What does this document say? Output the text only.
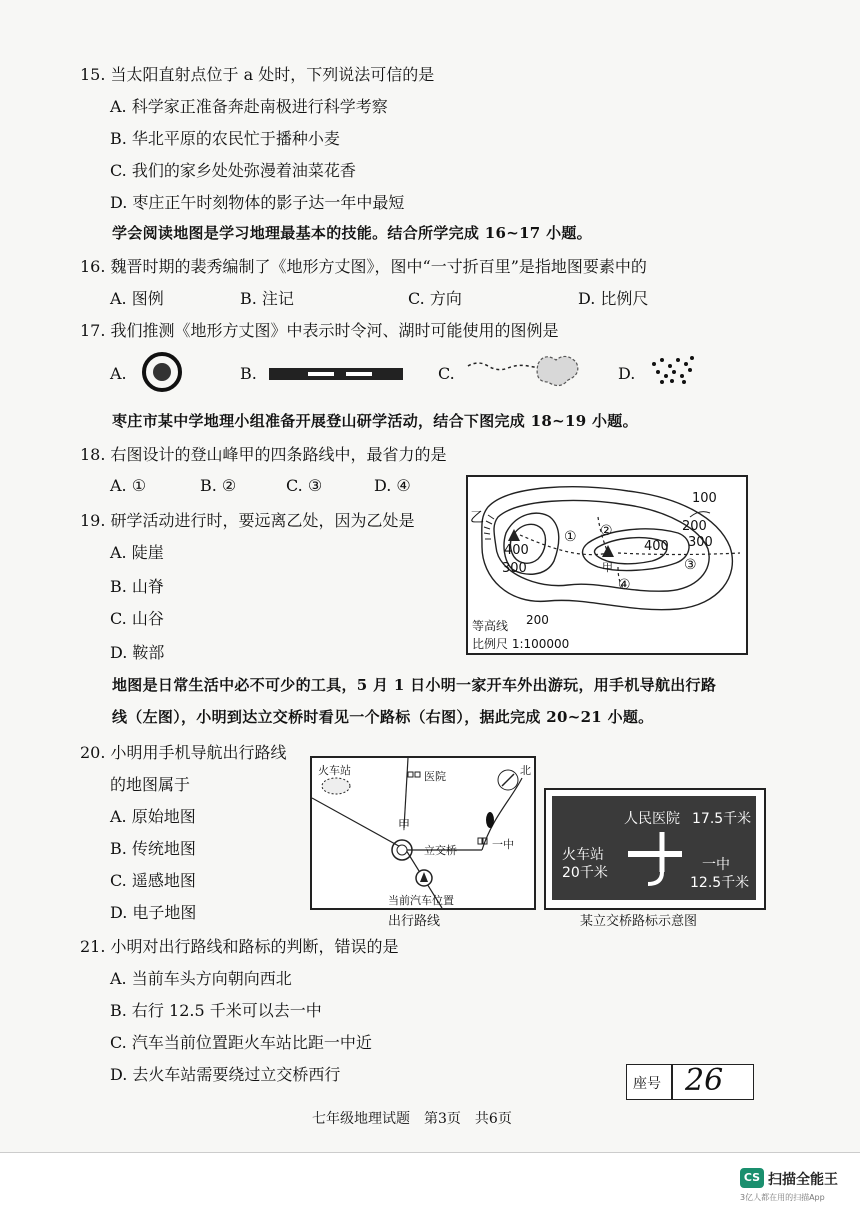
15. 当太阳直射点位于 a 处时，下列说法可信的是
A. 科学家正准备奔赴南极进行科学考察
B. 华北平原的农民忙于播种小麦
C. 我们的家乡处处弥漫着油菜花香
D. 枣庄正午时刻物体的影子达一年中最短
学会阅读地图是学习地理最基本的技能。结合所学完成 16~17 小题。
16. 魏晋时期的裴秀编制了《地形方丈图》，图中“一寸折百里”是指地图要素中的
A. 图例	B. 注记	C. 方向	D. 比例尺
17. 我们推测《地形方丈图》中表示时令河、湖时可能使用的图例是
A.	B.	C.	D.
枣庄市某中学地理小组准备开展登山研学活动，结合下图完成 18~19 小题。
18. 右图设计的登山峰甲的四条路线中，最省力的是
A. ①	B. ②	C. ③	D. ④
19. 研学活动进行时，要远离乙处，因为乙处是
A. 陡崖
B. 山脊
C. 山谷
D. 鞍部
100
200
300
400
400
300
乙
甲
① ②
③
④
等高线 200
比例尺 1:100000
地图是日常生活中必不可少的工具，5 月 1 日小明一家开车外出游玩，用手机导航出行路
线（左图），小明到达立交桥时看见一个路标（右图），据此完成 20~21 小题。
20. 小明用手机导航出行路线
的地图属于
A. 原始地图
B. 传统地图
C. 遥感地图
D. 电子地图
火车站	医院	北
甲
立交桥	一中
当前汽车位置
出行路线
人民医院 17.5千米
火车站
20千米	一中
12.5千米
某立交桥路标示意图
21. 小明对出行路线和路标的判断，错误的是
A. 当前车头方向朝向西北
B. 右行 12.5 千米可以去一中
C. 汽车当前位置距火车站比距一中近
D. 去火车站需要绕过立交桥西行	座号 26
七年级地理试题　第3页　共6页
CS 扫描全能王
3亿人都在用的扫描App
